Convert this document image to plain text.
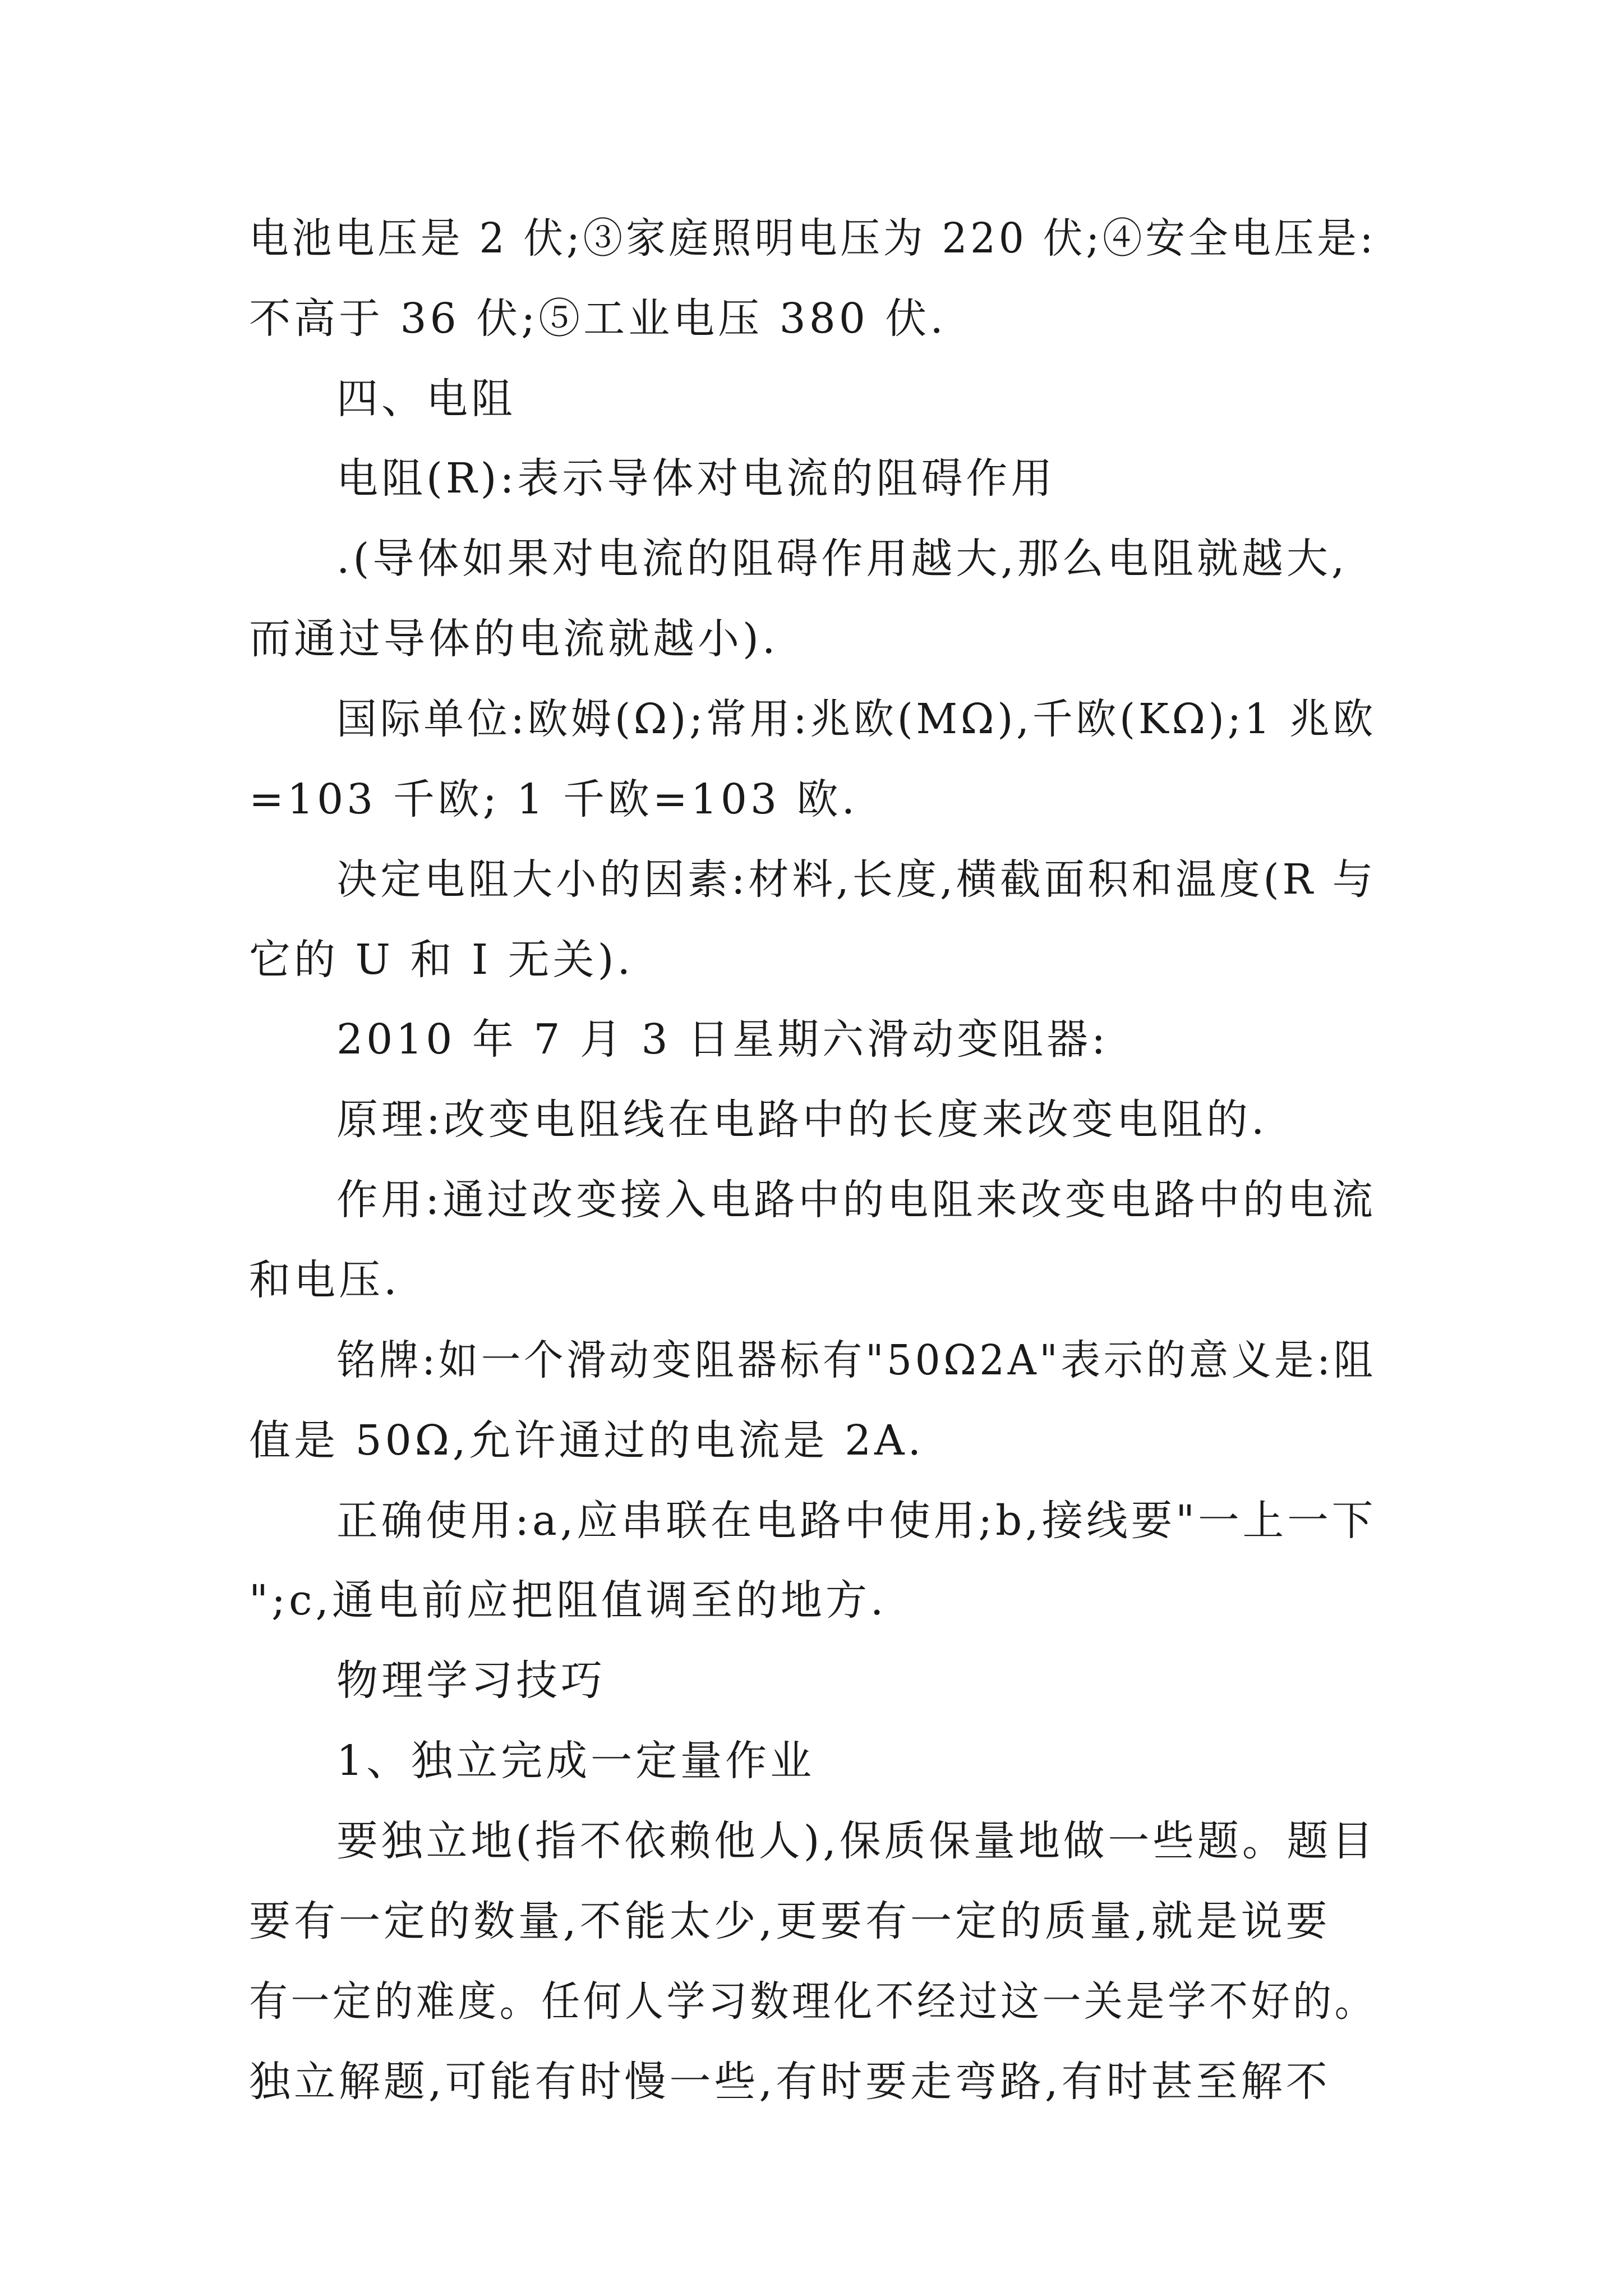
电池电压是 2 伏;③家庭照明电压为 220 伏;④安全电压是:
不高于 36 伏;⑤工业电压 380 伏.
四、电阻
电阻(R):表示导体对电流的阻碍作用
.(导体如果对电流的阻碍作用越大,那么电阻就越大,
而通过导体的电流就越小).
国际单位:欧姆(Ω);常用:兆欧(MΩ),千欧(KΩ);1 兆欧
=103 千欧; 1 千欧=103 欧.
决定电阻大小的因素:材料,长度,横截面积和温度(R 与
它的 U 和 I 无关).
2010 年 7 月 3 日星期六滑动变阻器:
原理:改变电阻线在电路中的长度来改变电阻的.
作用:通过改变接入电路中的电阻来改变电路中的电流
和电压.
铭牌:如一个滑动变阻器标有"50Ω2A"表示的意义是:阻
值是 50Ω,允许通过的电流是 2A.
正确使用:a,应串联在电路中使用;b,接线要"一上一下
";c,通电前应把阻值调至的地方.
物理学习技巧
1、独立完成一定量作业
要独立地(指不依赖他人),保质保量地做一些题。题目
要有一定的数量,不能太少,更要有一定的质量,就是说要
有一定的难度。任何人学习数理化不经过这一关是学不好的。
独立解题,可能有时慢一些,有时要走弯路,有时甚至解不
